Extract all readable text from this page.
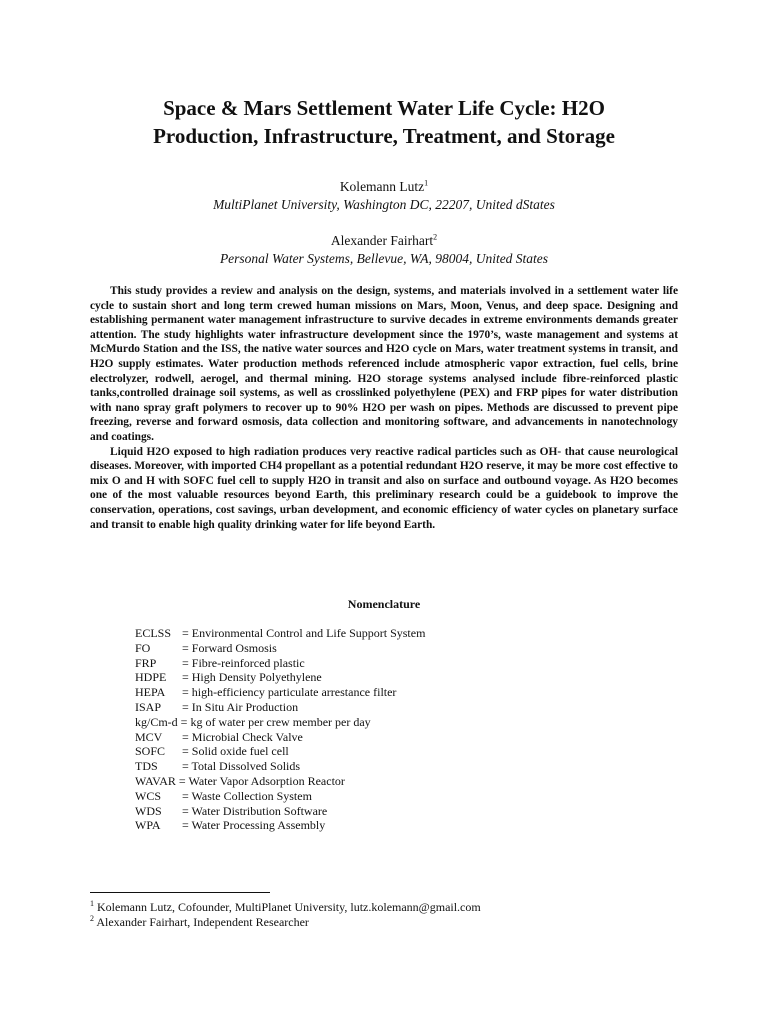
Space & Mars Settlement Water Life Cycle: H2O
Production, Infrastructure, Treatment, and Storage
Kolemann Lutz$^1$
MultiPlanet University, Washington DC, 22207, United dStates
Alexander Fairhart$^2$
Personal Water Systems, Bellevue, WA, 98004, United States

This study provides a review and analysis on the design, systems, and materials involved in a settlement water life cycle to sustain short and long term crewed human missions on Mars, Moon, Venus, and deep space. Designing and establishing permanent water management infrastructure to survive decades in extreme environments demands greater attention. The study highlights water infrastructure development since the 1970’s, waste management and systems at McMurdo Station and the ISS, the native water sources and H2O cycle on Mars, water treatment systems in transit, and H2O supply estimates. Water production methods referenced include atmospheric vapor extraction, fuel cells, brine electrolyzer, rodwell, aerogel, and thermal mining. H2O storage systems analysed include fibre-reinforced plastic tanks,controlled drainage soil systems, as well as crosslinked polyethylene (PEX) and FRP pipes for water distribution with nano spray graft polymers to recover up to 90% H2O per wash on pipes. Methods are discussed to prevent pipe freezing, reverse and forward osmosis, data collection and monitoring software, and advancements in nanotechnology and coatings.

Liquid H2O exposed to high radiation produces very reactive radical particles such as OH- that cause neurological diseases. Moreover, with imported CH4 propellant as a potential redundant H2O reserve, it may be more cost effective to mix O and H with SOFC fuel cell to supply H2O in transit and also on surface and outbound voyage. As H2O becomes one of the most valuable resources beyond Earth, this preliminary research could be a guidebook to improve the conservation, operations, cost savings, urban development, and economic efficiency of water cycles on planetary surface and transit to enable high quality drinking water for life beyond Earth.

Nomenclature
ECLSS = Environmental Control and Life Support System
FO	= Forward Osmosis
FRP = Fibre-reinforced plastic
HDPE = High Density Polyethylene
HEPA = high-efficiency particulate arrestance filter
ISAP = In Situ Air Production
kg/Cm-d = kg of water per crew member per day
MCV = Microbial Check Valve
SOFC = Solid oxide fuel cell
TDS = Total Dissolved Solids
WAVAR = Water Vapor Adsorption Reactor
WCS = Waste Collection System
WDS = Water Distribution Software
WPA = Water Processing Assembly
$^1$ Kolemann Lutz, Cofounder, MultiPlanet University, lutz.kolemann@gmail.com
$^2$ Alexander Fairhart, Independent Researcher
